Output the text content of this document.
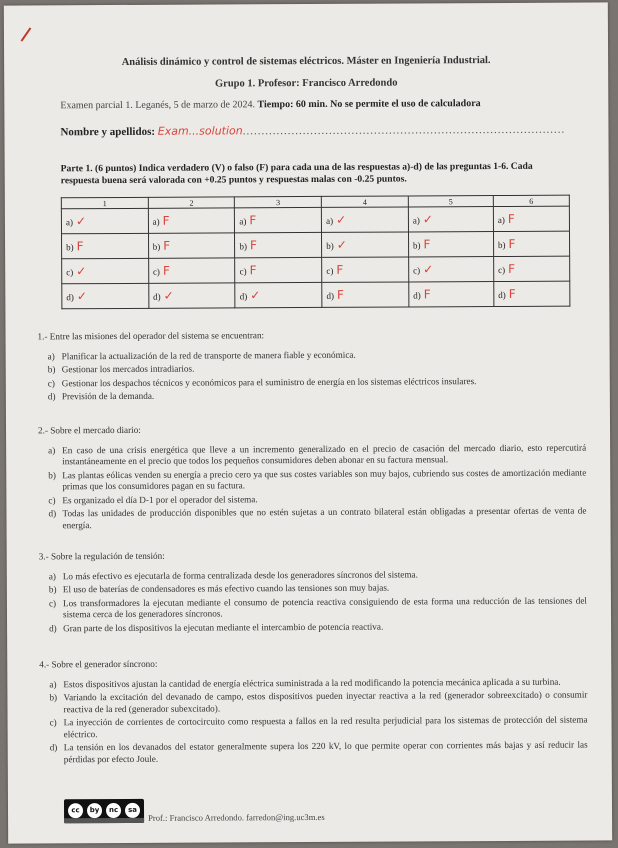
Análisis dinámico y control de sistemas eléctricos. Máster en Ingeniería Industrial.
Grupo 1. Profesor: Francisco Arredondo
Examen parcial 1. Leganés, 5 de marzo de 2024. Tiempo: 60 min. No se permite el uso de calculadora
Nombre y apellidos: Exam...solution......................................................................................
Parte 1. (6 puntos) Indica verdadero (V) o falso (F) para cada una de las respuestas a)-d) de las preguntas 1-6. Cada respuesta buena será valorada con +0.25 puntos y respuestas malas con -0.25 puntos.
1	2	3	4	5	6
a) ✓	a) F	a) F	a) ✓	a) ✓	a) F
b) F	b) F	b) F	b) ✓	b) F	b) F
c) ✓	c) F	c) F	c) F	c) ✓	c) F
d) ✓	d) ✓	d) ✓	d) F	d) F	d) F
1.- Entre las misiones del operador del sistema se encuentran:
a) Planificar la actualización de la red de transporte de manera fiable y económica.
b) Gestionar los mercados intradiarios.
c) Gestionar los despachos técnicos y económicos para el suministro de energía en los sistemas eléctricos insulares.
d) Previsión de la demanda.
2.- Sobre el mercado diario:
a) En caso de una crisis energética que lleve a un incremento generalizado en el precio de casación del mercado diario, esto repercutirá instantáneamente en el precio que todos los pequeños consumidores deben abonar en su factura mensual.
b) Las plantas eólicas venden su energía a precio cero ya que sus costes variables son muy bajos, cubriendo sus costes de amortización mediante primas que los consumidores pagan en su factura.
c) Es organizado el día D-1 por el operador del sistema.
d) Todas las unidades de producción disponibles que no estén sujetas a un contrato bilateral están obligadas a presentar ofertas de venta de energía.
3.- Sobre la regulación de tensión:
a) Lo más efectivo es ejecutarla de forma centralizada desde los generadores síncronos del sistema.
b) El uso de baterías de condensadores es más efectivo cuando las tensiones son muy bajas.
c) Los transformadores la ejecutan mediante el consumo de potencia reactiva consiguiendo de esta forma una reducción de las tensiones del sistema cerca de los generadores síncronos.
d) Gran parte de los dispositivos la ejecutan mediante el intercambio de potencia reactiva.
4.- Sobre el generador síncrono:
a) Estos dispositivos ajustan la cantidad de energía eléctrica suministrada a la red modificando la potencia mecánica aplicada a su turbina.
b) Variando la excitación del devanado de campo, estos dispositivos pueden inyectar reactiva a la red (generador sobreexcitado) o consumir reactiva de la red (generador subexcitado).
c) La inyección de corrientes de cortocircuito como respuesta a fallos en la red resulta perjudicial para los sistemas de protección del sistema eléctrico.
d) La tensión en los devanados del estator generalmente supera los 220 kV, lo que permite operar con corrientes más bajas y así reducir las pérdidas por efecto Joule.
cc	by	nc	sa
Prof.: Francisco Arredondo. farredon@ing.uc3m.es
